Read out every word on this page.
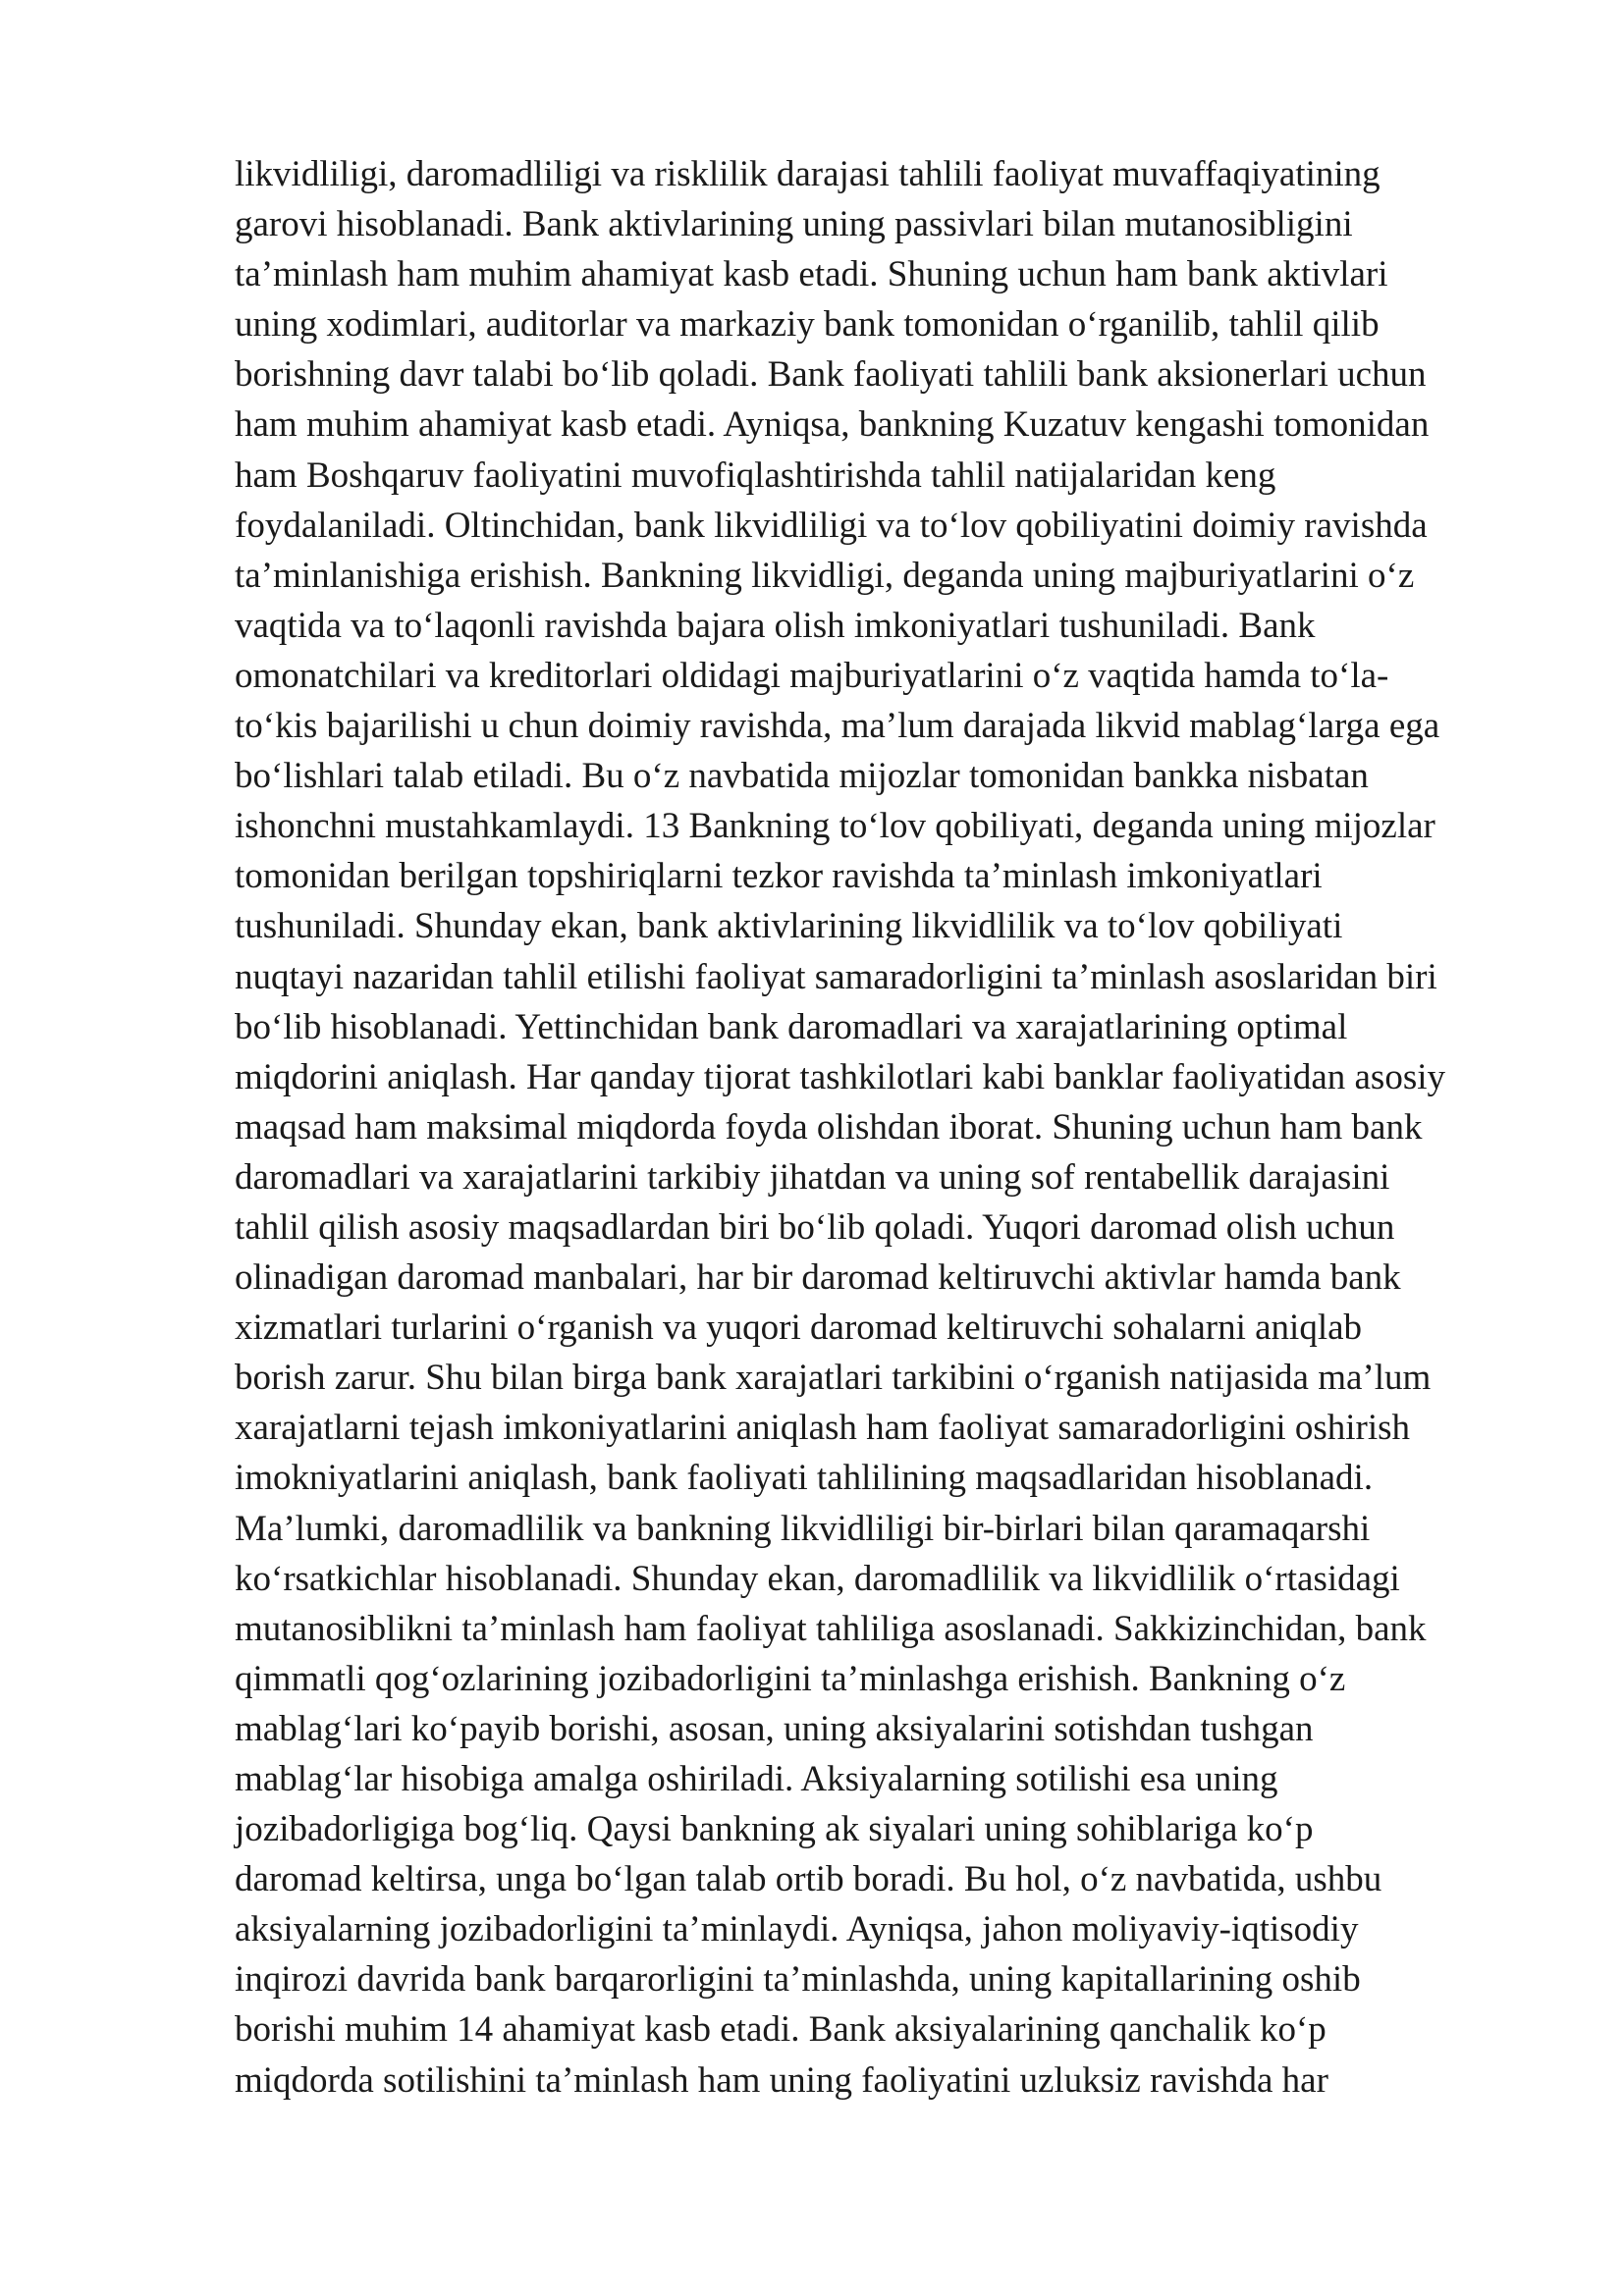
likvidliligi, daromadliligi va risklilik darajasi tahlili faoliyat muvaffaqiyatining
garovi hisoblanadi. Bank aktivlarining uning passivlari bilan mutanosibligini
ta’minlash ham muhim ahamiyat kasb etadi. Shuning uchun ham bank aktivlari
uning xodimlari, auditorlar va markaziy bank tomonidan o‘rganilib, tahlil qilib
borishning davr talabi bo‘lib qoladi. Bank faoliyati tahlili bank aksionerlari uchun
ham muhim ahamiyat kasb etadi. Ayniqsa, bankning Kuzatuv kengashi tomonidan
ham Boshqaruv faoliyatini muvofiqlashtirishda tahlil natijalaridan keng
foydalaniladi. Oltinchidan, bank likvidliligi va to‘lov qobiliyatini doimiy ravishda
ta’minlanishiga erishish. Bankning likvidligi, deganda uning majburiyatlarini o‘z
vaqtida va to‘laqonli ravishda bajara olish imkoniyatlari tushuniladi. Bank
omonatchilari va kreditorlari oldidagi majburiyatlarini o‘z vaqtida hamda to‘la-
to‘kis bajarilishi u chun doimiy ravishda, ma’lum darajada likvid mablag‘larga ega
bo‘lishlari talab etiladi. Bu o‘z navbatida mijozlar tomonidan bankka nisbatan
ishonchni mustahkamlaydi. 13 Bankning to‘lov qobiliyati, deganda uning mijozlar
tomonidan berilgan topshiriqlarni tezkor ravishda ta’minlash imkoniyatlari
tushuniladi. Shunday ekan, bank aktivlarining likvidlilik va to‘lov qobiliyati
nuqtayi nazaridan tahlil etilishi faoliyat samaradorligini ta’minlash asoslaridan biri
bo‘lib hisoblanadi. Yettinchidan bank daromadlari va xarajatlarining optimal
miqdorini aniqlash. Har qanday tijorat tashkilotlari kabi banklar faoliyatidan asosiy
maqsad ham maksimal miqdorda foyda olishdan iborat. Shuning uchun ham bank
daromadlari va xarajatlarini tarkibiy jihatdan va uning sof rentabellik darajasini
tahlil qilish asosiy maqsadlardan biri bo‘lib qoladi. Yuqori daromad olish uchun
olinadigan daromad manbalari, har bir daromad keltiruvchi aktivlar hamda bank
xizmatlari turlarini o‘rganish va yuqori daromad keltiruvchi sohalarni aniqlab
borish zarur. Shu bilan birga bank xarajatlari tarkibini o‘rganish natijasida ma’lum
xarajatlarni tejash imkoniyatlarini aniqlash ham faoliyat samaradorligini oshirish
imokniyatlarini aniqlash, bank faoliyati tahlilining maqsadlaridan hisoblanadi.
Ma’lumki, daromadlilik va bankning likvidliligi bir-birlari bilan qaramaqarshi
ko‘rsatkichlar hisoblanadi. Shunday ekan, daromadlilik va likvidlilik o‘rtasidagi
mutanosiblikni ta’minlash ham faoliyat tahliliga asoslanadi. Sakkizinchidan, bank
qimmatli qog‘ozlarining jozibadorligini ta’minlashga erishish. Bankning o‘z
mablag‘lari ko‘payib borishi, asosan, uning aksiyalarini sotishdan tushgan
mablag‘lar hisobiga amalga oshiriladi. Aksiyalarning sotilishi esa uning
jozibadorligiga bog‘liq. Qaysi bankning ak siyalari uning sohiblariga ko‘p
daromad keltirsa, unga bo‘lgan talab ortib boradi. Bu hol, o‘z navbatida, ushbu
aksiyalarning jozibadorligini ta’minlaydi. Ayniqsa, jahon moliyaviy-iqtisodiy
inqirozi davrida bank barqarorligini ta’minlashda, uning kapitallarining oshib
borishi muhim 14 ahamiyat kasb etadi. Bank aksiyalarining qanchalik ko‘p
miqdorda sotilishini ta’minlash ham uning faoliyatini uzluksiz ravishda har
